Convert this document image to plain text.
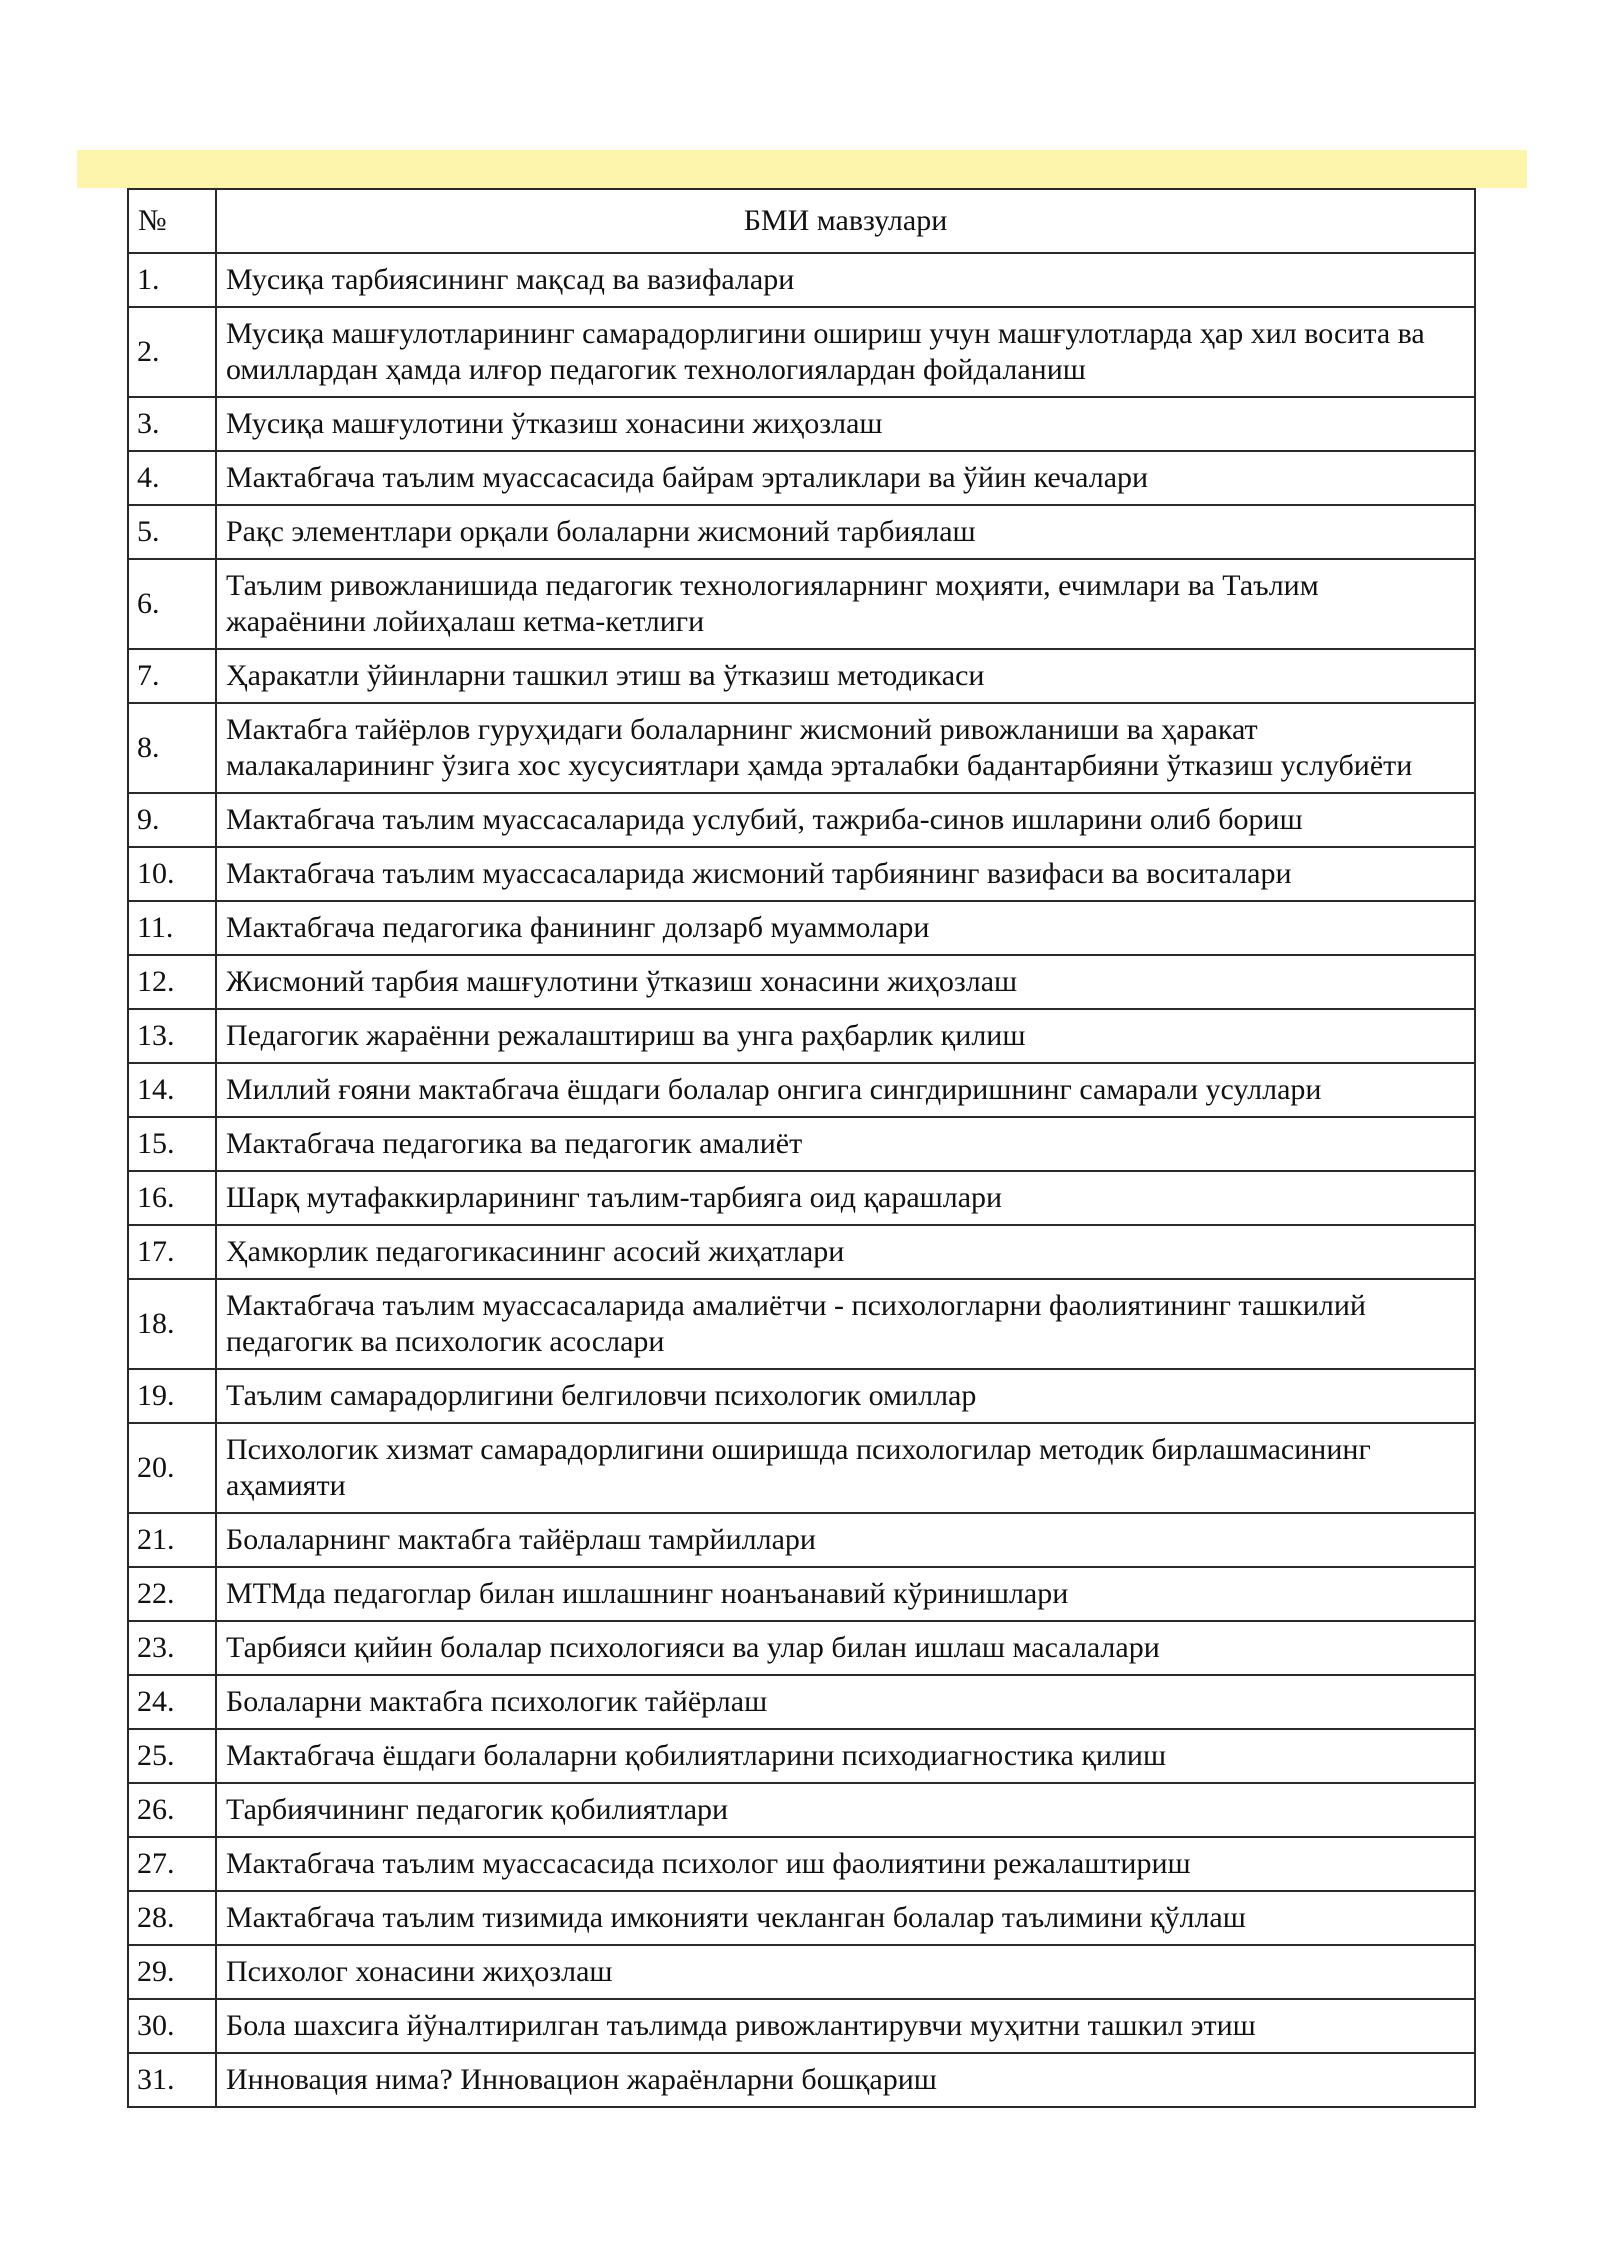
№	БМИ мавзулари
1.	Мусиқа тарбиясининг мақсад ва вазифалари
2.	Мусиқа машғулотларининг самарадорлигини ошириш учун машғулотларда ҳар хил восита ва омиллардан ҳамда илғор педагогик технологиялардан фойдаланиш
3.	Мусиқа машғулотини ўтказиш хонасини жиҳозлаш
4.	Мактабгача таълим муассасасида байрам эрталиклари ва ўйин кечалари
5.	Рақс элементлари орқали болаларни жисмоний тарбиялаш
6.	Таълим ривожланишида педагогик технологияларнинг моҳияти, ечимлари ва Таълим жараёнини лойиҳалаш кетма-кетлиги
7.	Ҳаракатли ўйинларни ташкил этиш ва ўтказиш методикаси
8.	Мактабга тайёрлов гуруҳидаги болаларнинг жисмоний ривожланиши ва ҳаракат малакаларининг ўзига хос хусусиятлари ҳамда эрталабки бадантарбияни ўтказиш услубиёти
9.	Мактабгача таълим муассасаларида услубий, тажриба-синов ишларини олиб бориш
10.	Мактабгача таълим муассасаларида жисмоний тарбиянинг вазифаси ва воситалари
11.	Мактабгача педагогика фанининг долзарб муаммолари
12.	Жисмоний тарбия машғулотини ўтказиш хонасини жиҳозлаш
13.	Педагогик жараённи режалаштириш ва унга раҳбарлик қилиш
14.	Миллий ғояни мактабгача ёшдаги болалар онгига сингдиришнинг самарали усуллари
15.	Мактабгача педагогика ва педагогик амалиёт
16.	Шарқ мутафаккирларининг таълим-тарбияга оид қарашлари
17.	Ҳамкорлик педагогикасининг асосий жиҳатлари
18.	Мактабгача таълим муассасаларида амалиётчи - психологларни фаолиятининг ташкилий педагогик ва психологик асослари
19.	Таълим самарадорлигини белгиловчи психологик омиллар
20.	Психологик хизмат самарадорлигини оширишда психологилар методик бирлашмасининг аҳамияти
21.	Болаларнинг мактабга тайёрлаш тамрйиллари
22.	МТМда педагоглар билан ишлашнинг ноанъанавий кўринишлари
23.	Тарбияси қийин болалар психологияси ва улар билан ишлаш масалалари
24.	Болаларни мактабга психологик тайёрлаш
25.	Мактабгача ёшдаги болаларни қобилиятларини психодиагностика қилиш
26.	Тарбиячининг педагогик қобилиятлари
27.	Мактабгача таълим муассасасида психолог иш фаолиятини режалаштириш
28.	Мактабгача таълим тизимида имконияти чекланган болалар таълимини қўллаш
29.	Психолог хонасини жиҳозлаш
30.	Бола шахсига йўналтирилган таълимда ривожлантирувчи муҳитни ташкил этиш
31.	Инновация нима? Инновацион жараёнларни бошқариш
